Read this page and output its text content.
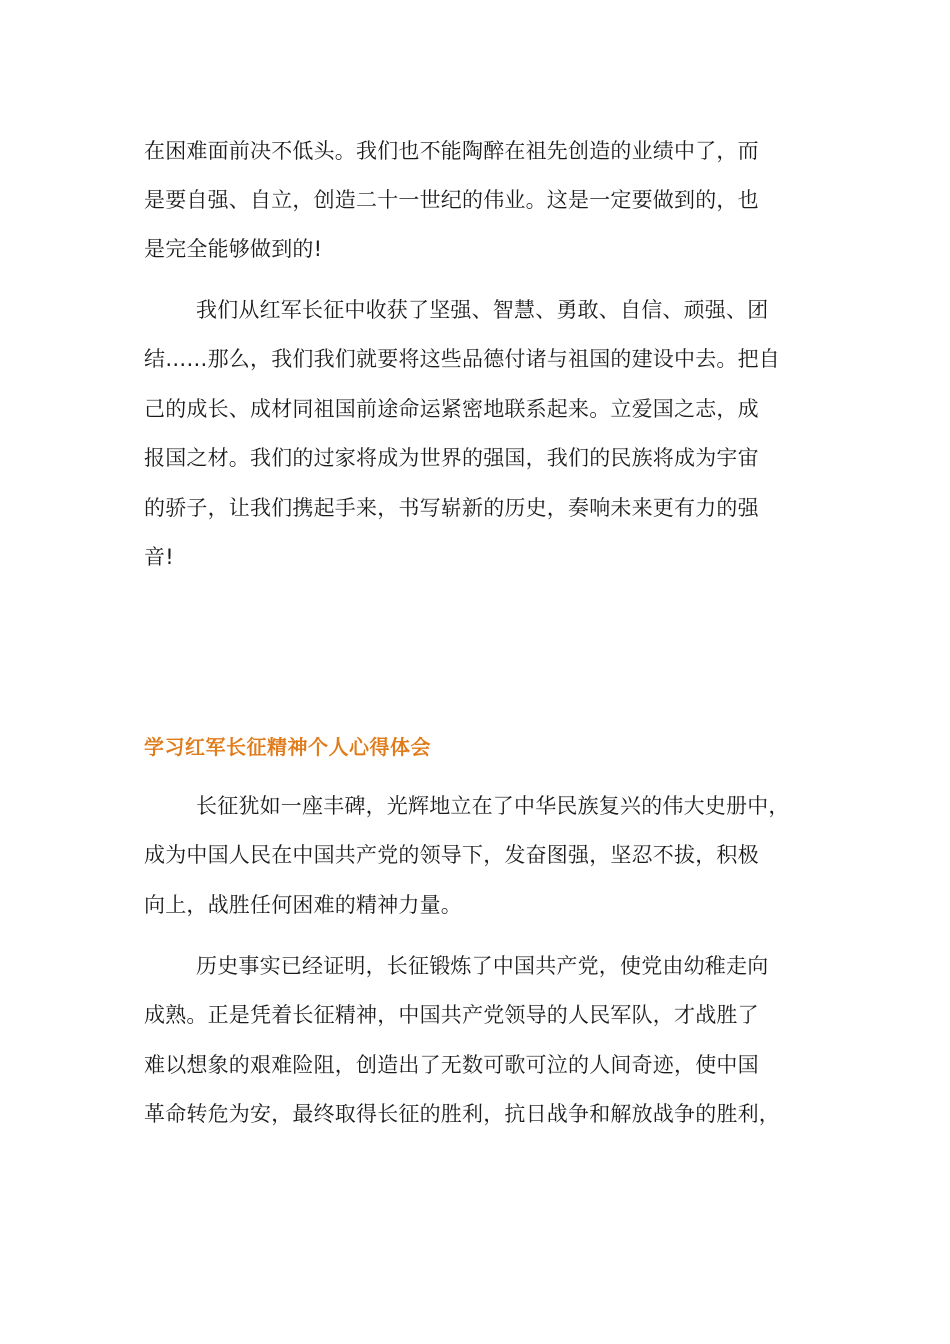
在困难面前决不低头。我们也不能陶醉在祖先创造的业绩中了，而
是要自强、自立，创造二十一世纪的伟业。这是一定要做到的，也
是完全能够做到的!
我们从红军长征中收获了坚强、智慧、勇敢、自信、顽强、团
结……那么，我们我们就要将这些品德付诸与祖国的建设中去。把自
己的成长、成材同祖国前途命运紧密地联系起来。立爱国之志，成
报国之材。我们的过家将成为世界的强国，我们的民族将成为宇宙
的骄子，让我们携起手来，书写崭新的历史，奏响未来更有力的强
音!
学习红军长征精神个人心得体会
长征犹如一座丰碑，光辉地立在了中华民族复兴的伟大史册中，
成为中国人民在中国共产党的领导下，发奋图强，坚忍不拔，积极
向上，战胜任何困难的精神力量。
历史事实已经证明，长征锻炼了中国共产党，使党由幼稚走向
成熟。正是凭着长征精神，中国共产党领导的人民军队，才战胜了
难以想象的艰难险阻，创造出了无数可歌可泣的人间奇迹，使中国
革命转危为安，最终取得长征的胜利，抗日战争和解放战争的胜利，
